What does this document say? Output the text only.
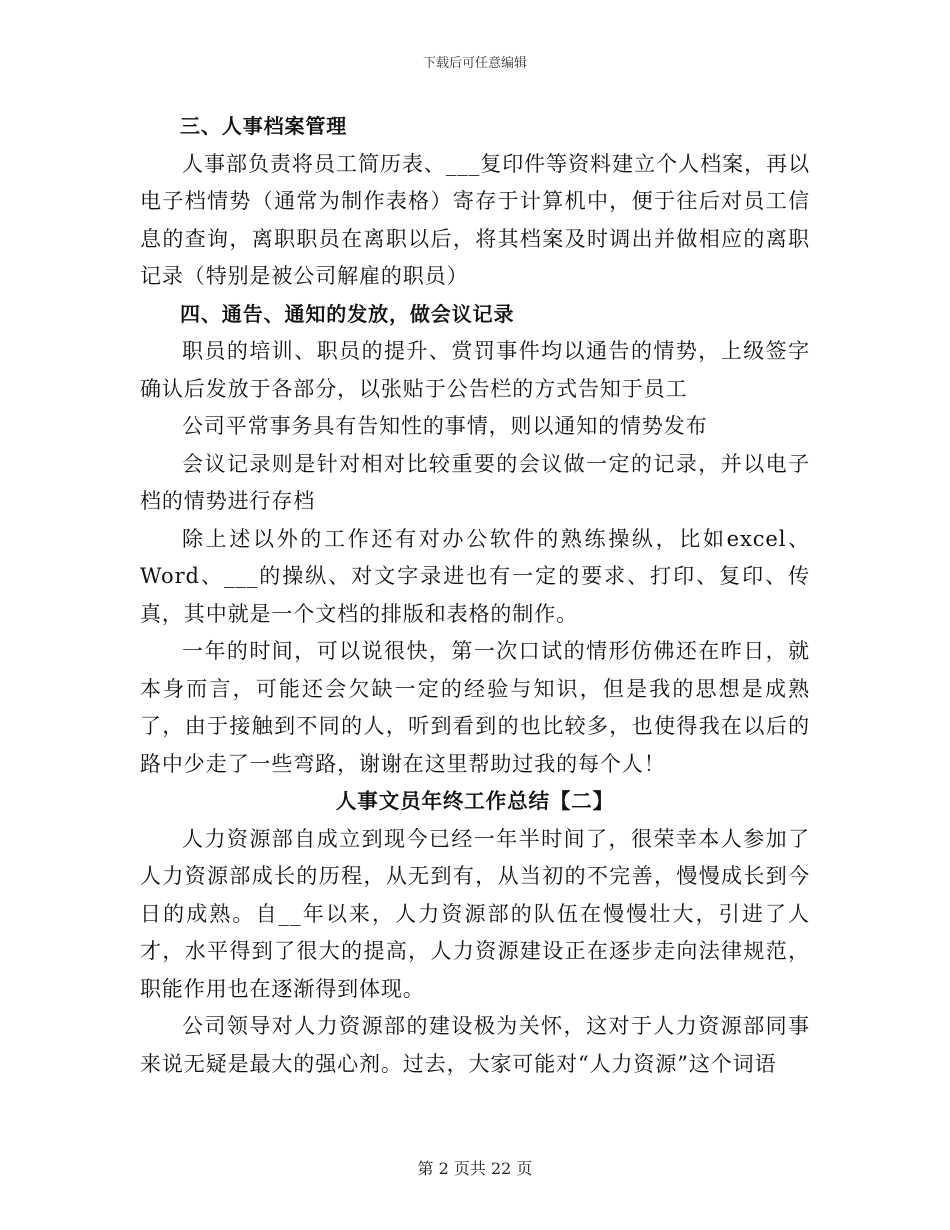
下载后可任意编辑

三、人事档案管理

人事部负责将员工简历表、___复印件等资料建立个人档案，再以电子档情势（通常为制作表格）寄存于计算机中，便于往后对员工信息的查询，离职职员在离职以后，将其档案及时调出并做相应的离职记录（特别是被公司解雇的职员）

四、通告、通知的发放，做会议记录

职员的培训、职员的提升、赏罚事件均以通告的情势，上级签字确认后发放于各部分，以张贴于公告栏的方式告知于员工

公司平常事务具有告知性的事情，则以通知的情势发布

会议记录则是针对相对比较重要的会议做一定的记录，并以电子档的情势进行存档

除上述以外的工作还有对办公软件的熟练操纵，比如excel、Word、___的操纵、对文字录进也有一定的要求、打印、复印、传真，其中就是一个文档的排版和表格的制作。

一年的时间，可以说很快，第一次口试的情形仿佛还在昨日，就本身而言，可能还会欠缺一定的经验与知识，但是我的思想是成熟了，由于接触到不同的人，听到看到的也比较多，也使得我在以后的路中少走了一些弯路，谢谢在这里帮助过我的每个人！

人事文员年终工作总结【二】

人力资源部自成立到现今已经一年半时间了，很荣幸本人参加了人力资源部成长的历程，从无到有，从当初的不完善，慢慢成长到今日的成熟。自__年以来，人力资源部的队伍在慢慢壮大，引进了人才，水平得到了很大的提高，人力资源建设正在逐步走向法律规范，职能作用也在逐渐得到体现。

公司领导对人力资源部的建设极为关怀，这对于人力资源部同事来说无疑是最大的强心剂。过去，大家可能对“人力资源”这个词语

第 2 页共 22 页
